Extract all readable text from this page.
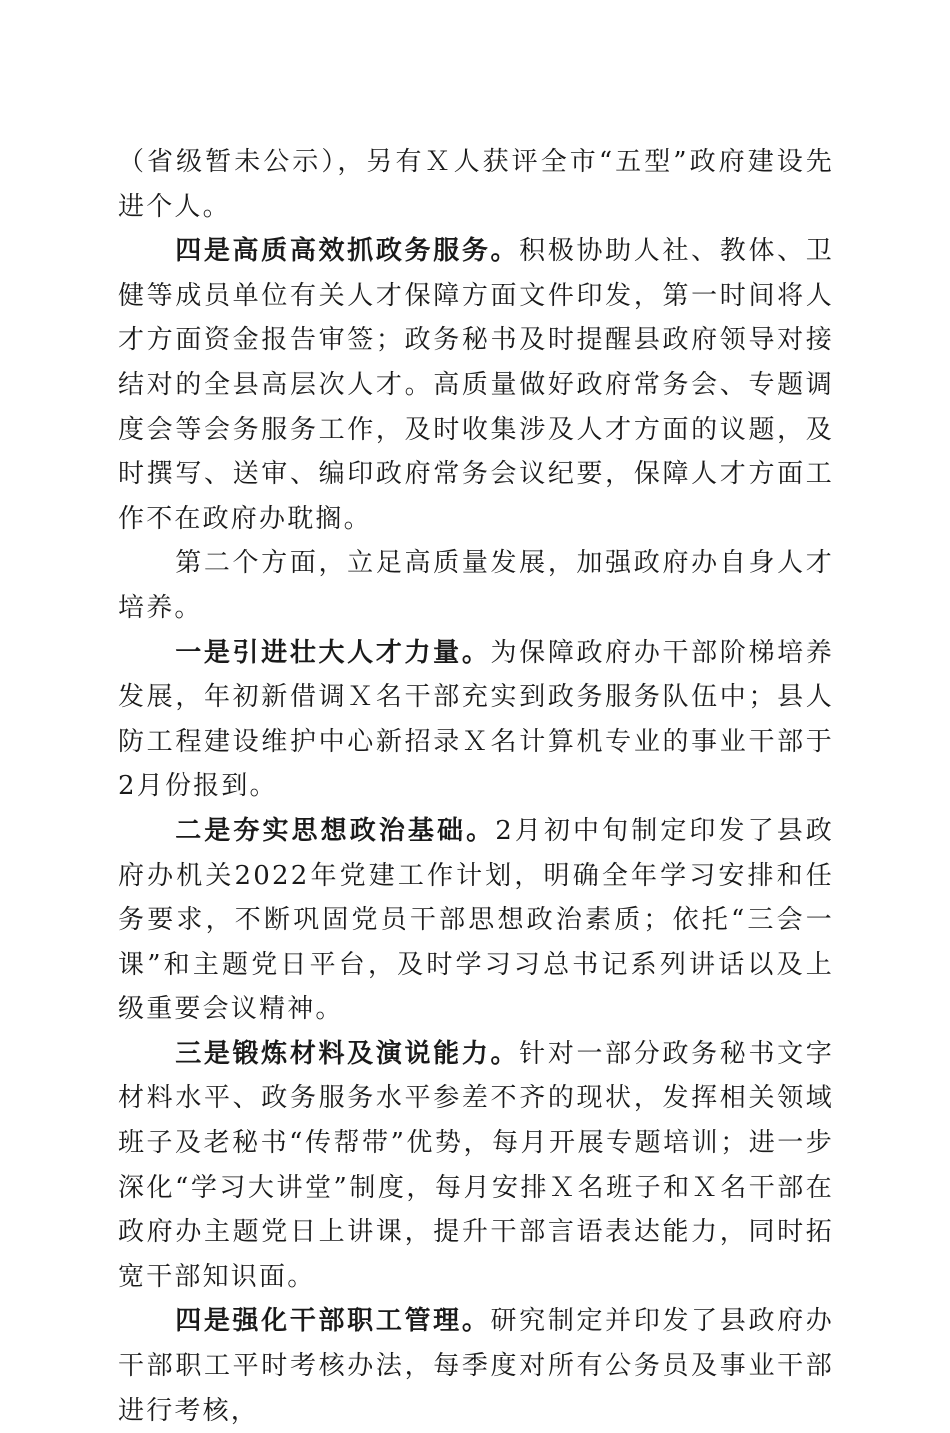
（省级暂未公示），另有Ｘ人获评全市“五型”政府建设先进个人。

四是高质高效抓政务服务。积极协助人社、教体、卫健等成员单位有关人才保障方面文件印发，第一时间将人才方面资金报告审签；政务秘书及时提醒县政府领导对接结对的全县高层次人才。高质量做好政府常务会、专题调度会等会务服务工作，及时收集涉及人才方面的议题，及时撰写、送审、编印政府常务会议纪要，保障人才方面工作不在政府办耽搁。

第二个方面，立足高质量发展，加强政府办自身人才培养。

一是引进壮大人才力量。为保障政府办干部阶梯培养发展，年初新借调Ｘ名干部充实到政务服务队伍中；县人防工程建设维护中心新招录Ｘ名计算机专业的事业干部于2月份报到。

二是夯实思想政治基础。2月初中旬制定印发了县政府办机关2022年党建工作计划，明确全年学习安排和任务要求，不断巩固党员干部思想政治素质；依托“三会一课”和主题党日平台，及时学习习总书记系列讲话以及上级重要会议精神。

三是锻炼材料及演说能力。针对一部分政务秘书文字材料水平、政务服务水平参差不齐的现状，发挥相关领域班子及老秘书“传帮带”优势，每月开展专题培训；进一步深化“学习大讲堂”制度，每月安排Ｘ名班子和Ｘ名干部在政府办主题党日上讲课，提升干部言语表达能力，同时拓宽干部知识面。

四是强化干部职工管理。研究制定并印发了县政府办干部职工平时考核办法，每季度对所有公务员及事业干部进行考核，
